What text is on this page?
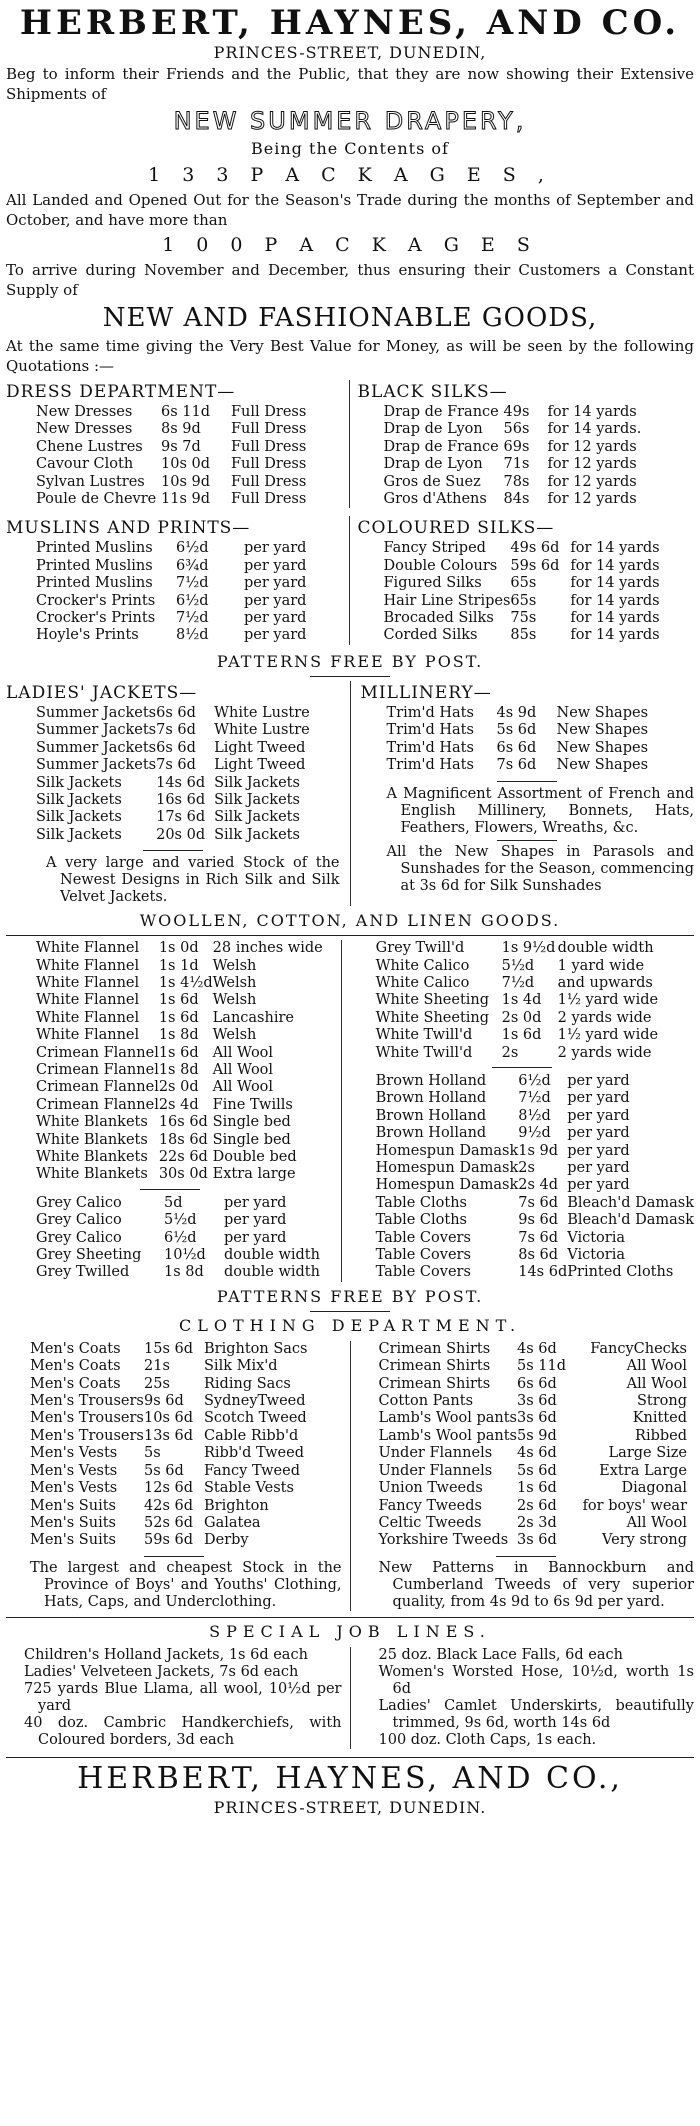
HERBERT, HAYNES, AND CO.
PRINCES-STREET, DUNEDIN,
Beg to inform their Friends and the Public, that they are now showing their Extensive Shipments of
NEW SUMMER DRAPERY,
Being the Contents of
1 3 3 P A C K A G E S ,
All Landed and Opened Out for the Season's Trade during the months of September and October, and have more than
1 0 0 P A C K A G E S
To arrive during November and December, thus ensuring their Customers a Constant Supply of
NEW AND FASHIONABLE GOODS,
At the same time giving the Very Best Value for Money, as will be seen by the following Quotations :—
DRESS DEPARTMENT—
New Dresses	6s 11d	Full Dress
New Dresses	8s 9d	Full Dress
Chene Lustres	9s 7d	Full Dress
Cavour Cloth	10s 0d	Full Dress
Sylvan Lustres	10s 9d	Full Dress
Poule de Chevre	11s 9d	Full Dress
BLACK SILKS—
Drap de France	49s	for 14 yards
Drap de Lyon	56s	for 14 yards.
Drap de France	69s	for 12 yards
Drap de Lyon	71s	for 12 yards
Gros de Suez	78s	for 12 yards
Gros d'Athens	84s	for 12 yards
MUSLINS AND PRINTS—
Printed Muslins	6½d	per yard
Printed Muslins	6¾d	per yard
Printed Muslins	7½d	per yard
Crocker's Prints	6½d	per yard
Crocker's Prints	7½d	per yard
Hoyle's Prints	8½d	per yard
COLOURED SILKS—
Fancy Striped	49s 6d	for 14 yards
Double Colours	59s 6d	for 14 yards
Figured Silks	65s	for 14 yards
Hair Line Stripes	65s	for 14 yards
Brocaded Silks	75s	for 14 yards
Corded Silks	85s	for 14 yards
PATTERNS FREE BY POST.
LADIES' JACKETS—
Summer Jackets	6s 6d	White Lustre
Summer Jackets	7s 6d	White Lustre
Summer Jackets	6s 6d	Light Tweed
Summer Jackets	7s 6d	Light Tweed
Silk Jackets	14s 6d	Silk Jackets
Silk Jackets	16s 6d	Silk Jackets
Silk Jackets	17s 6d	Silk Jackets
Silk Jackets	20s 0d	Silk Jackets
A very large and varied Stock of the Newest Designs in Rich Silk and Silk Velvet Jackets.
MILLINERY—
Trim'd Hats	4s 9d	New Shapes
Trim'd Hats	5s 6d	New Shapes
Trim'd Hats	6s 6d	New Shapes
Trim'd Hats	7s 6d	New Shapes
A Magnificent Assortment of French and English Millinery, Bonnets, Hats, Feathers, Flowers, Wreaths, &c.
All the New Shapes in Parasols and Sunshades for the Season, commencing at 3s 6d for Silk Sunshades
WOOLLEN, COTTON, AND LINEN GOODS.
White Flannel	1s 0d	28 inches wide
White Flannel	1s 1d	Welsh
White Flannel	1s 4½d	Welsh
White Flannel	1s 6d	Welsh
White Flannel	1s 6d	Lancashire
White Flannel	1s 8d	Welsh
Crimean Flannel	1s 6d	All Wool
Crimean Flannel	1s 8d	All Wool
Crimean Flannel	2s 0d	All Wool
Crimean Flannel	2s 4d	Fine Twills
White Blankets	16s 6d	Single bed
White Blankets	18s 6d	Single bed
White Blankets	22s 6d	Double bed
White Blankets	30s 0d	Extra large
Grey Calico	5d	per yard
Grey Calico	5½d	per yard
Grey Calico	6½d	per yard
Grey Sheeting	10½d	double width
Grey Twilled	1s 8d	double width
Grey Twill'd	1s 9½d	double width
White Calico	5½d	1 yard wide
White Calico	7½d	and upwards
White Sheeting	1s 4d	1½ yard wide
White Sheeting	2s 0d	2 yards wide
White Twill'd	1s 6d	1½ yard wide
White Twill'd	2s	2 yards wide
Brown Holland	6½d	per yard
Brown Holland	7½d	per yard
Brown Holland	8½d	per yard
Brown Holland	9½d	per yard
Homespun Damask	1s 9d	per yard
Homespun Damask	2s	per yard
Homespun Damask	2s 4d	per yard
Table Cloths	7s 6d	Bleach'd Damask
Table Cloths	9s 6d	Bleach'd Damask
Table Covers	7s 6d	Victoria
Table Covers	8s 6d	Victoria
Table Covers	14s 6d	Printed Cloths
PATTERNS FREE BY POST.
CLOTHING DEPARTMENT.
Men's Coats	15s 6d	Brighton Sacs
Men's Coats	21s	Silk Mix'd
Men's Coats	25s	Riding Sacs
Men's Trousers	9s 6d	SydneyTweed
Men's Trousers	10s 6d	Scotch Tweed
Men's Trousers	13s 6d	Cable Ribb'd
Men's Vests	5s	Ribb'd Tweed
Men's Vests	5s 6d	Fancy Tweed
Men's Vests	12s 6d	Stable Vests
Men's Suits	42s 6d	Brighton
Men's Suits	52s 6d	Galatea
Men's Suits	59s 6d	Derby
The largest and cheapest Stock in the Province of Boys' and Youths' Clothing, Hats, Caps, and Underclothing.
Crimean Shirts	4s 6d	FancyChecks
Crimean Shirts	5s 11d	All Wool
Crimean Shirts	6s 6d	All Wool
Cotton Pants	3s 6d	Strong
Lamb's Wool pants	3s 6d	Knitted
Lamb's Wool pants	5s 9d	Ribbed
Under Flannels	4s 6d	Large Size
Under Flannels	5s 6d	Extra Large
Union Tweeds	1s 6d	Diagonal
Fancy Tweeds	2s 6d	for boys' wear
Celtic Tweeds	2s 3d	All Wool
Yorkshire Tweeds	3s 6d	Very strong
New Patterns in Bannockburn and Cumberland Tweeds of very superior quality, from 4s 9d to 6s 9d per yard.
SPECIAL JOB LINES.
Children's Holland Jackets, 1s 6d each
Ladies' Velveteen Jackets, 7s 6d each
725 yards Blue Llama, all wool, 10½d per yard
40 doz. Cambric Handkerchiefs, with Coloured borders, 3d each
25 doz. Black Lace Falls, 6d each
Women's Worsted Hose, 10½d, worth 1s 6d
Ladies' Camlet Underskirts, beautifully trimmed, 9s 6d, worth 14s 6d
100 doz. Cloth Caps, 1s each.
HERBERT, HAYNES, AND CO.,
PRINCES-STREET, DUNEDIN.
